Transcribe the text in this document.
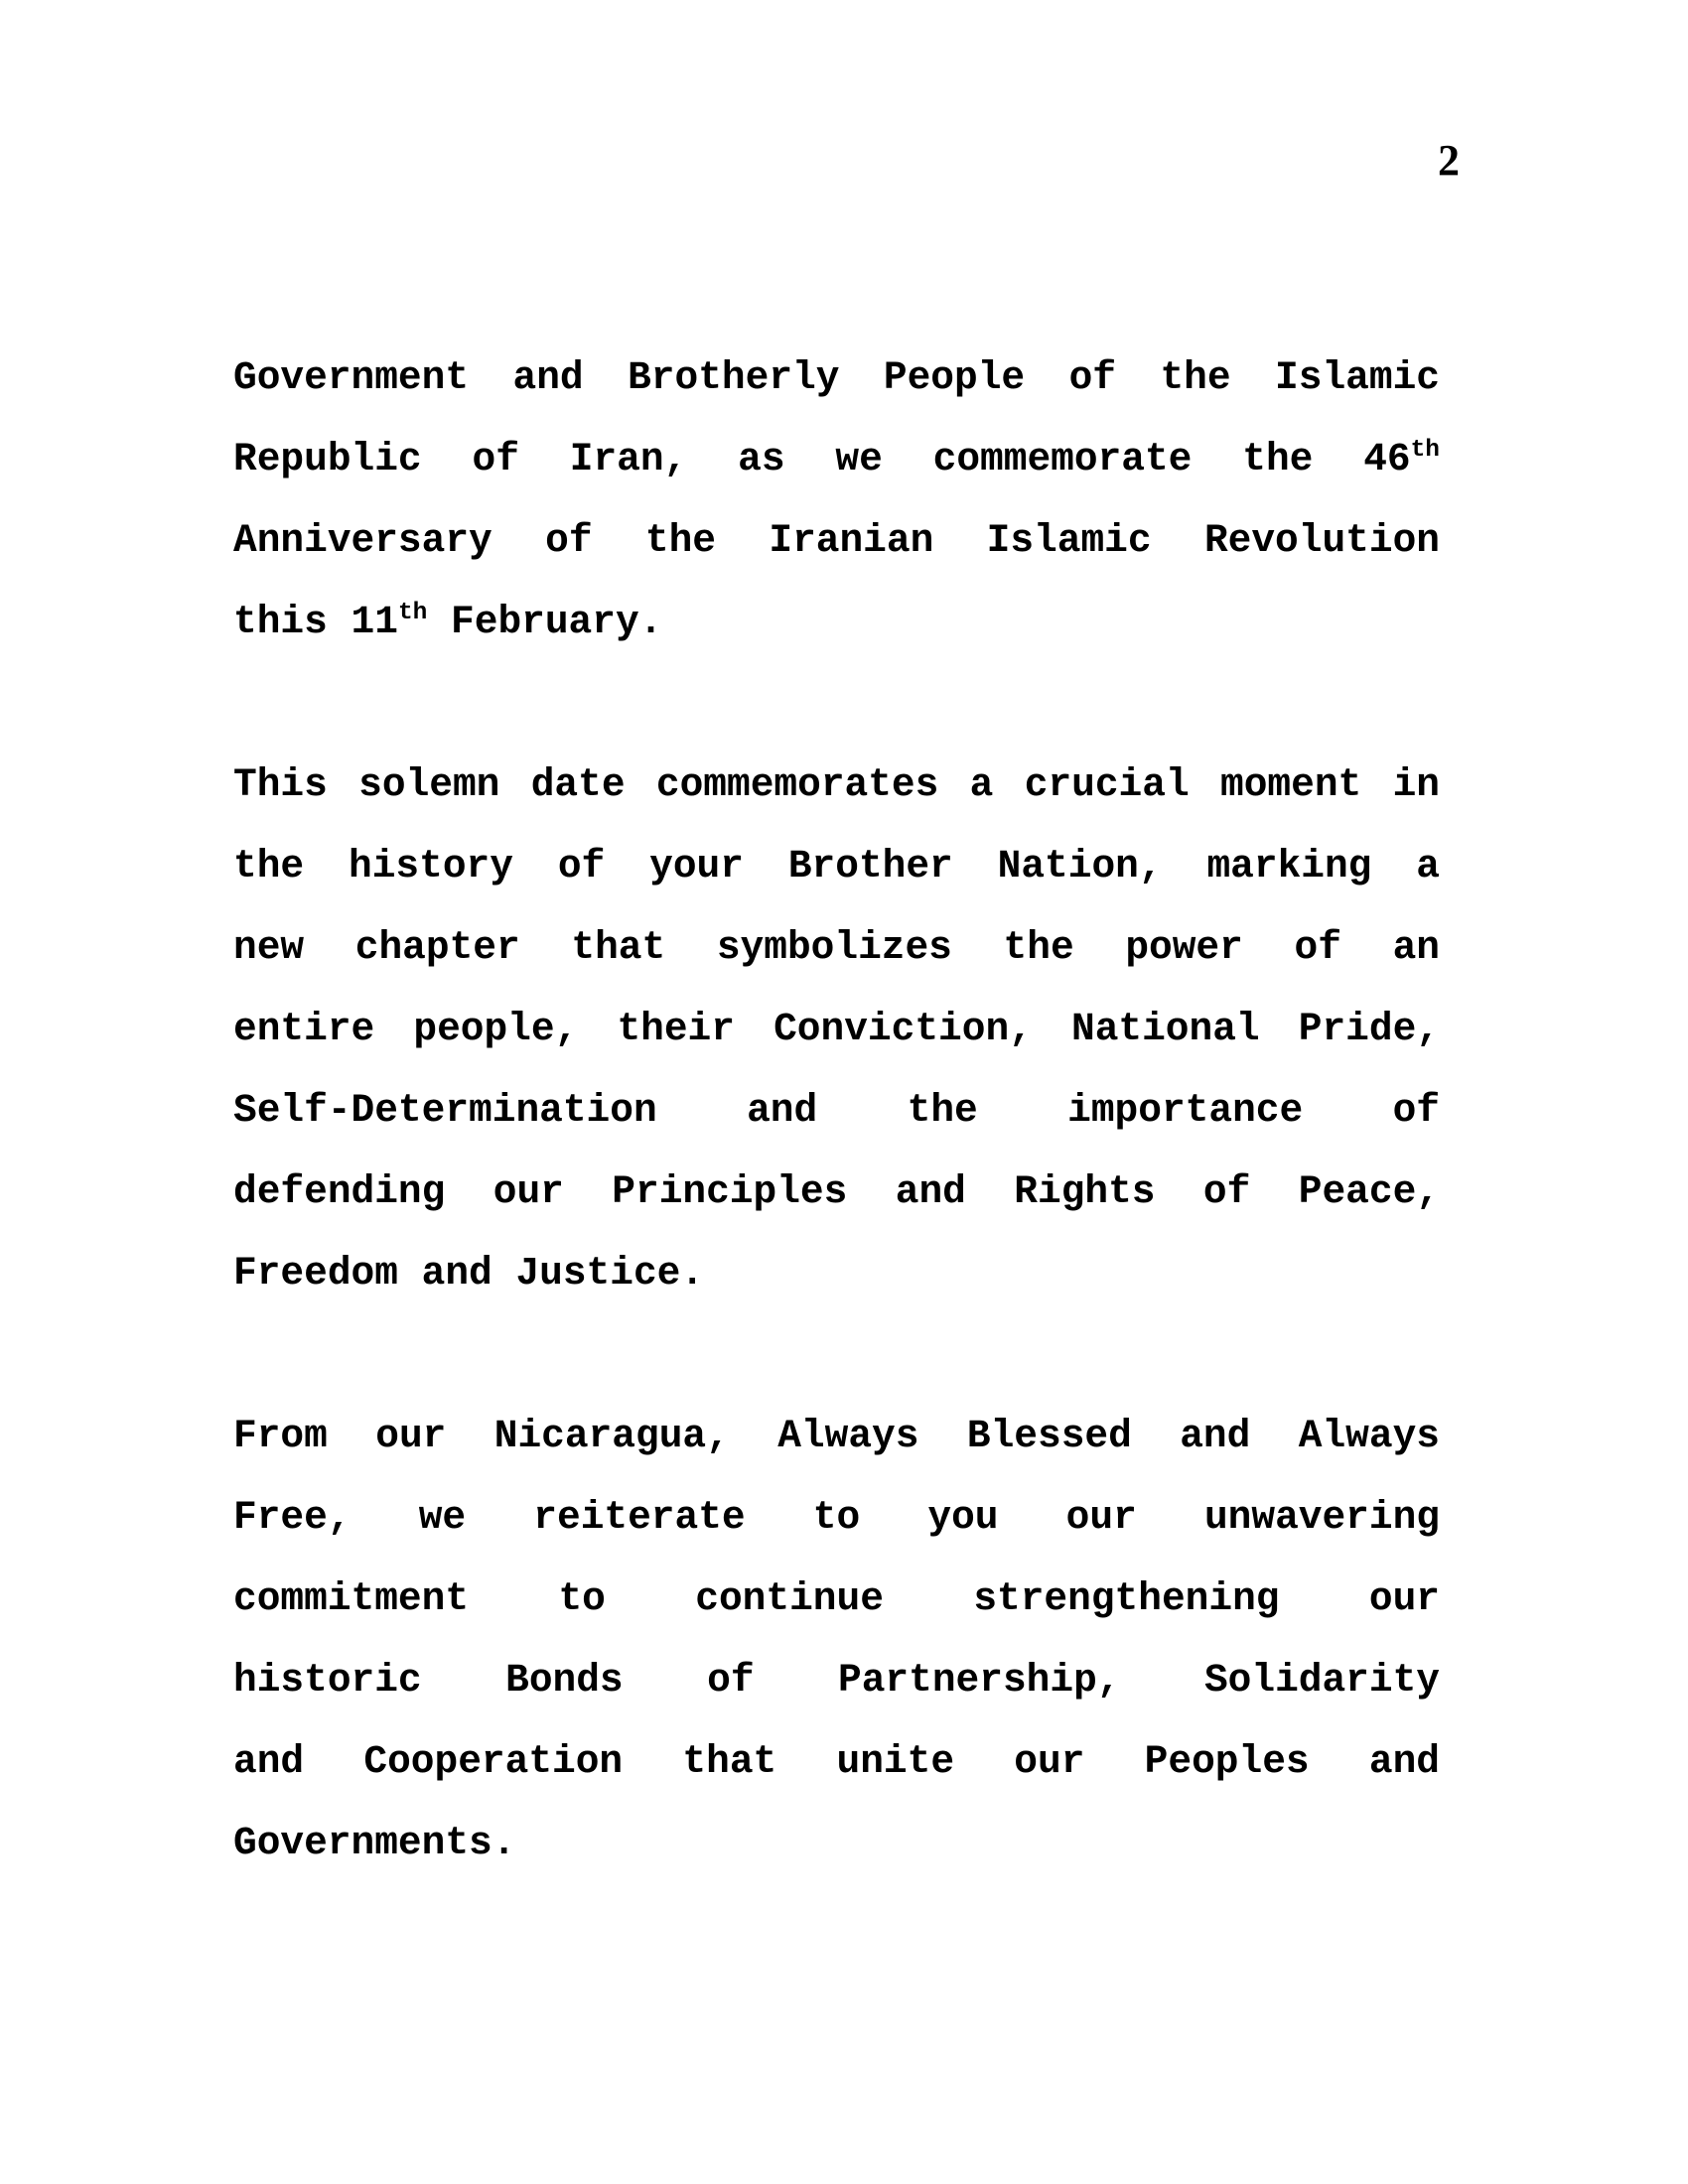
2

Government and Brotherly People of the Islamic
Republic of Iran, as we commemorate the 46th
Anniversary of the Iranian Islamic Revolution
this 11th February.

This solemn date commemorates a crucial moment in
the history of your Brother Nation, marking a
new chapter that symbolizes the power of an
entire people, their Conviction, National Pride,
Self-Determination and the importance of
defending our Principles and Rights of Peace,
Freedom and Justice.

From our Nicaragua, Always Blessed and Always
Free, we reiterate to you our unwavering
commitment to continue strengthening our
historic Bonds of Partnership, Solidarity
and Cooperation that unite our Peoples and
Governments.
